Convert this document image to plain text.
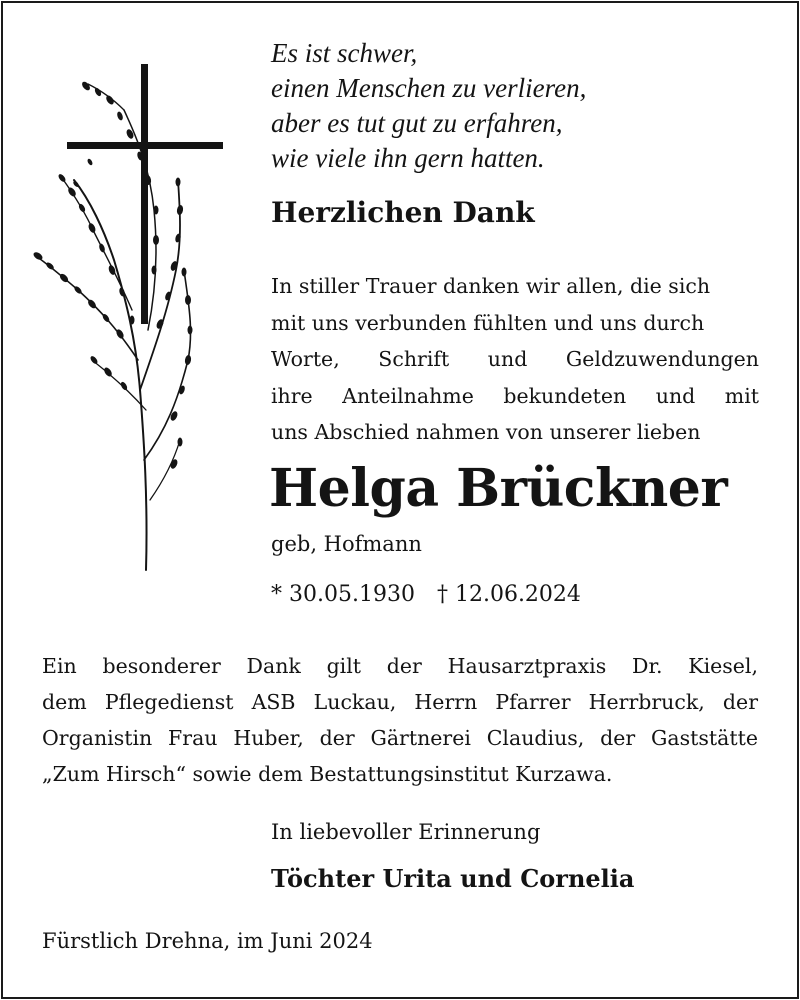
Es ist schwer,
einen Menschen zu verlieren,
aber es tut gut zu erfahren,
wie viele ihn gern hatten.
Herzlichen Dank
In stiller Trauer danken wir allen, die sich
mit uns verbunden fühlten und uns durch
Worte, Schrift und Geldzuwendungen
ihre Anteilnahme bekundeten und mit
uns Abschied nahmen von unserer lieben
Helga Brückner
geb, Hofmann
* 30.05.1930 † 12.06.2024
Ein besonderer Dank gilt der Hausarztpraxis Dr. Kiesel,
dem Pflegedienst ASB Luckau, Herrn Pfarrer Herrbruck, der
Organistin Frau Huber, der Gärtnerei Claudius, der Gaststätte
„Zum Hirsch“ sowie dem Bestattungsinstitut Kurzawa.
In liebevoller Erinnerung
Töchter Urita und Cornelia
Fürstlich Drehna, im Juni 2024
